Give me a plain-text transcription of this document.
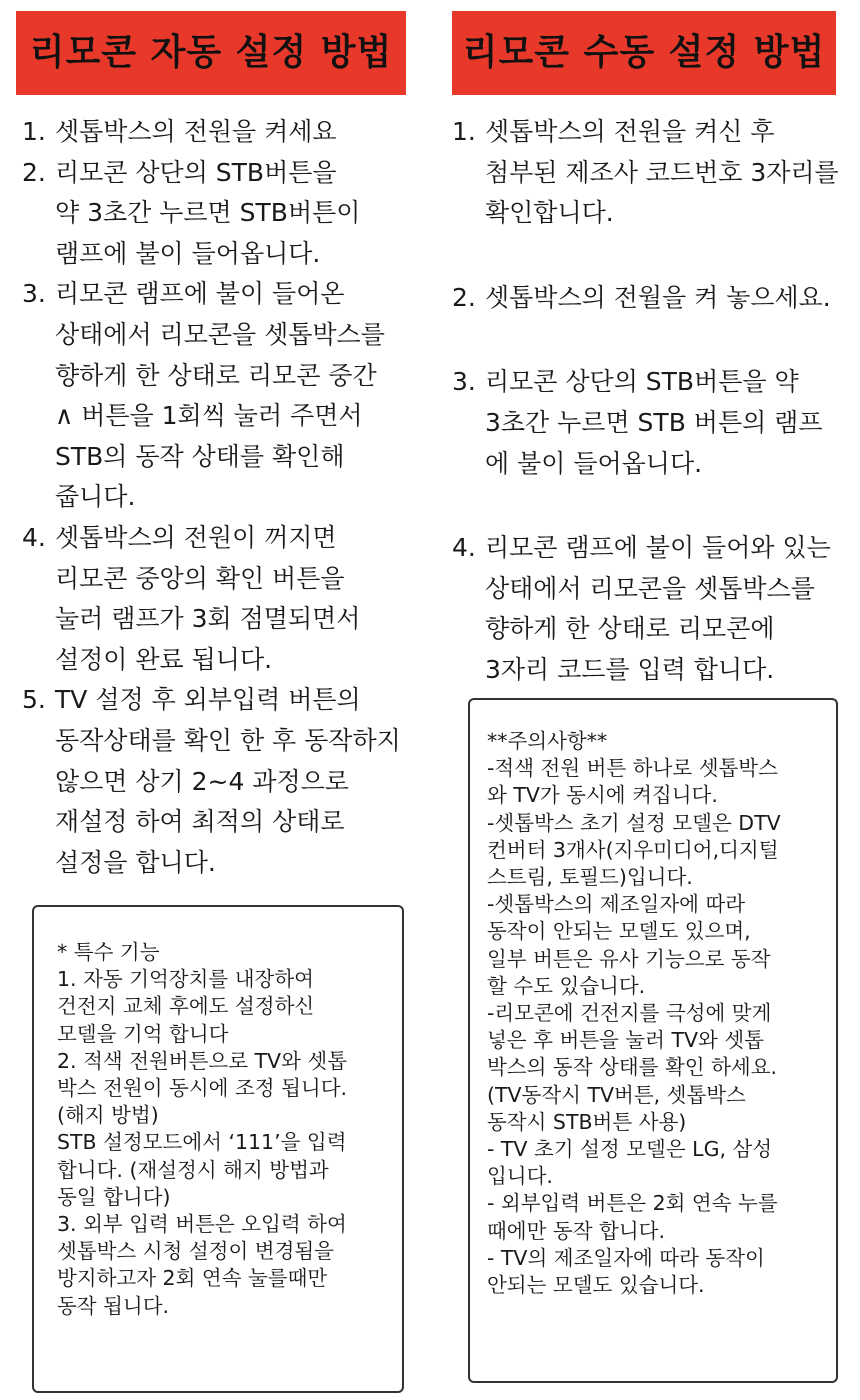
리모콘 자동 설정 방법
1. 셋톱박스의 전원을 켜세요
2. 리모콘 상단의 STB버튼을
약 3초간 누르면 STB버튼이
램프에 불이 들어옵니다.
3. 리모콘 램프에 불이 들어온
상태에서 리모콘을 셋톱박스를
향하게 한 상태로 리모콘 중간
∧ 버튼을 1회씩 눌러 주면서
STB의 동작 상태를 확인해
줍니다.
4. 셋톱박스의 전원이 꺼지면
리모콘 중앙의 확인 버튼을
눌러 램프가 3회 점멸되면서
설정이 완료 됩니다.
5. TV 설정 후 외부입력 버튼의
동작상태를 확인 한 후 동작하지
않으면 상기 2~4 과정으로
재설정 하여 최적의 상태로
설정을 합니다.
* 특수 기능
1. 자동 기억장치를 내장하여
건전지 교체 후에도 설정하신
모델을 기억 합니다
2. 적색 전원버튼으로 TV와 셋톱
박스 전원이 동시에 조정 됩니다.
(해지 방법)
STB 설정모드에서 ‘111’을 입력
합니다. (재설정시 해지 방법과
동일 합니다)
3. 외부 입력 버튼은 오입력 하여
셋톱박스 시청 설정이 변경됨을
방지하고자 2회 연속 눌를때만
동작 됩니다.
리모콘 수동 설정 방법
1. 셋톱박스의 전원을 켜신 후
첨부된 제조사 코드번호 3자리를
확인합니다.
2. 셋톱박스의 전월을 켜 놓으세요.
3. 리모콘 상단의 STB버튼을 약
3초간 누르면 STB 버튼의 램프
에 불이 들어옵니다.
4. 리모콘 램프에 불이 들어와 있는
상태에서 리모콘을 셋톱박스를
향하게 한 상태로 리모콘에
3자리 코드를 입력 합니다.
**주의사항**
-적색 전원 버튼 하나로 셋톱박스
와 TV가 동시에 켜집니다.
-셋톱박스 초기 설정 모델은 DTV
컨버터 3개사(지우미디어,디지털
스트림, 토필드)입니다.
-셋톱박스의 제조일자에 따라
동작이 안되는 모델도 있으며,
일부 버튼은 유사 기능으로 동작
할 수도 있습니다.
-리모콘에 건전지를 극성에 맞게
넣은 후 버튼을 눌러 TV와 셋톱
박스의 동작 상태를 확인 하세요.
(TV동작시 TV버튼, 셋톱박스
동작시 STB버튼 사용)
- TV 초기 설정 모델은 LG, 삼성
입니다.
- 외부입력 버튼은 2회 연속 누를
때에만 동작 합니다.
- TV의 제조일자에 따라 동작이
안되는 모델도 있습니다.
